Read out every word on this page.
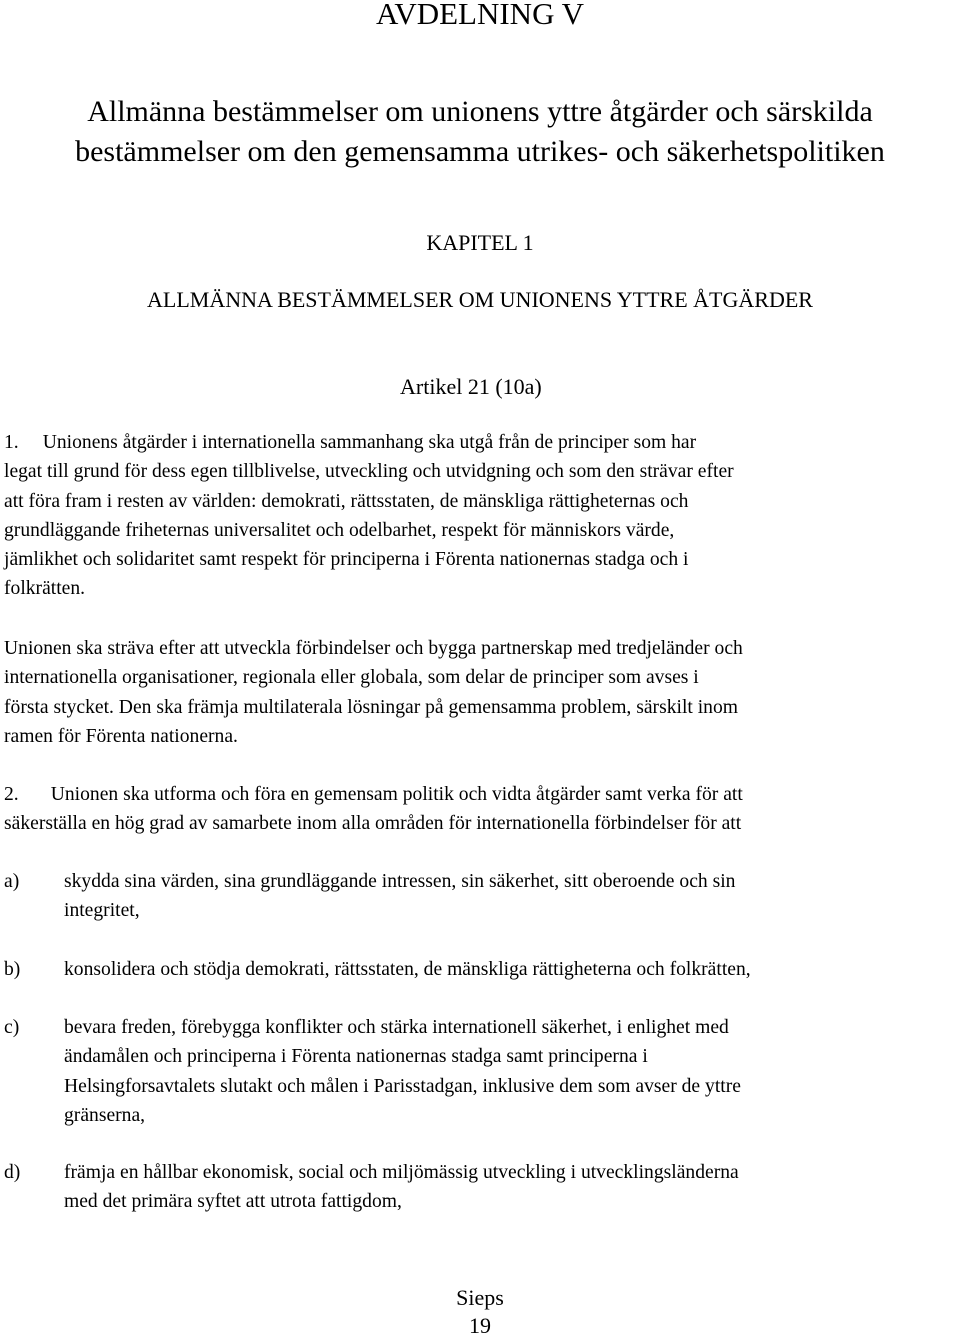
AVDELNING V
Allmänna bestämmelser om unionens yttre åtgärder och särskilda
bestämmelser om den gemensamma utrikes- och säkerhetspolitiken
KAPITEL 1
ALLMÄNNA BESTÄMMELSER OM UNIONENS YTTRE ÅTGÄRDER
Artikel 21 (10a)
1. Unionens åtgärder i internationella sammanhang ska utgå från de principer som har
legat till grund för dess egen tillblivelse, utveckling och utvidgning och som den strävar efter
att föra fram i resten av världen: demokrati, rättsstaten, de mänskliga rättigheternas och
grundläggande friheternas universalitet och odelbarhet, respekt för människors värde,
jämlikhet och solidaritet samt respekt för principerna i Förenta nationernas stadga och i
folkrätten.
Unionen ska sträva efter att utveckla förbindelser och bygga partnerskap med tredjeländer och
internationella organisationer, regionala eller globala, som delar de principer som avses i
första stycket. Den ska främja multilaterala lösningar på gemensamma problem, särskilt inom
ramen för Förenta nationerna.
2. Unionen ska utforma och föra en gemensam politik och vidta åtgärder samt verka för att
säkerställa en hög grad av samarbete inom alla områden för internationella förbindelser för att
a) skydda sina värden, sina grundläggande intressen, sin säkerhet, sitt oberoende och sin
integritet,
b) konsolidera och stödja demokrati, rättsstaten, de mänskliga rättigheterna och folkrätten,
c) bevara freden, förebygga konflikter och stärka internationell säkerhet, i enlighet med
ändamålen och principerna i Förenta nationernas stadga samt principerna i
Helsingforsavtalets slutakt och målen i Parisstadgan, inklusive dem som avser de yttre
gränserna,
d) främja en hållbar ekonomisk, social och miljömässig utveckling i utvecklingsländerna
med det primära syftet att utrota fattigdom,
Sieps
19
